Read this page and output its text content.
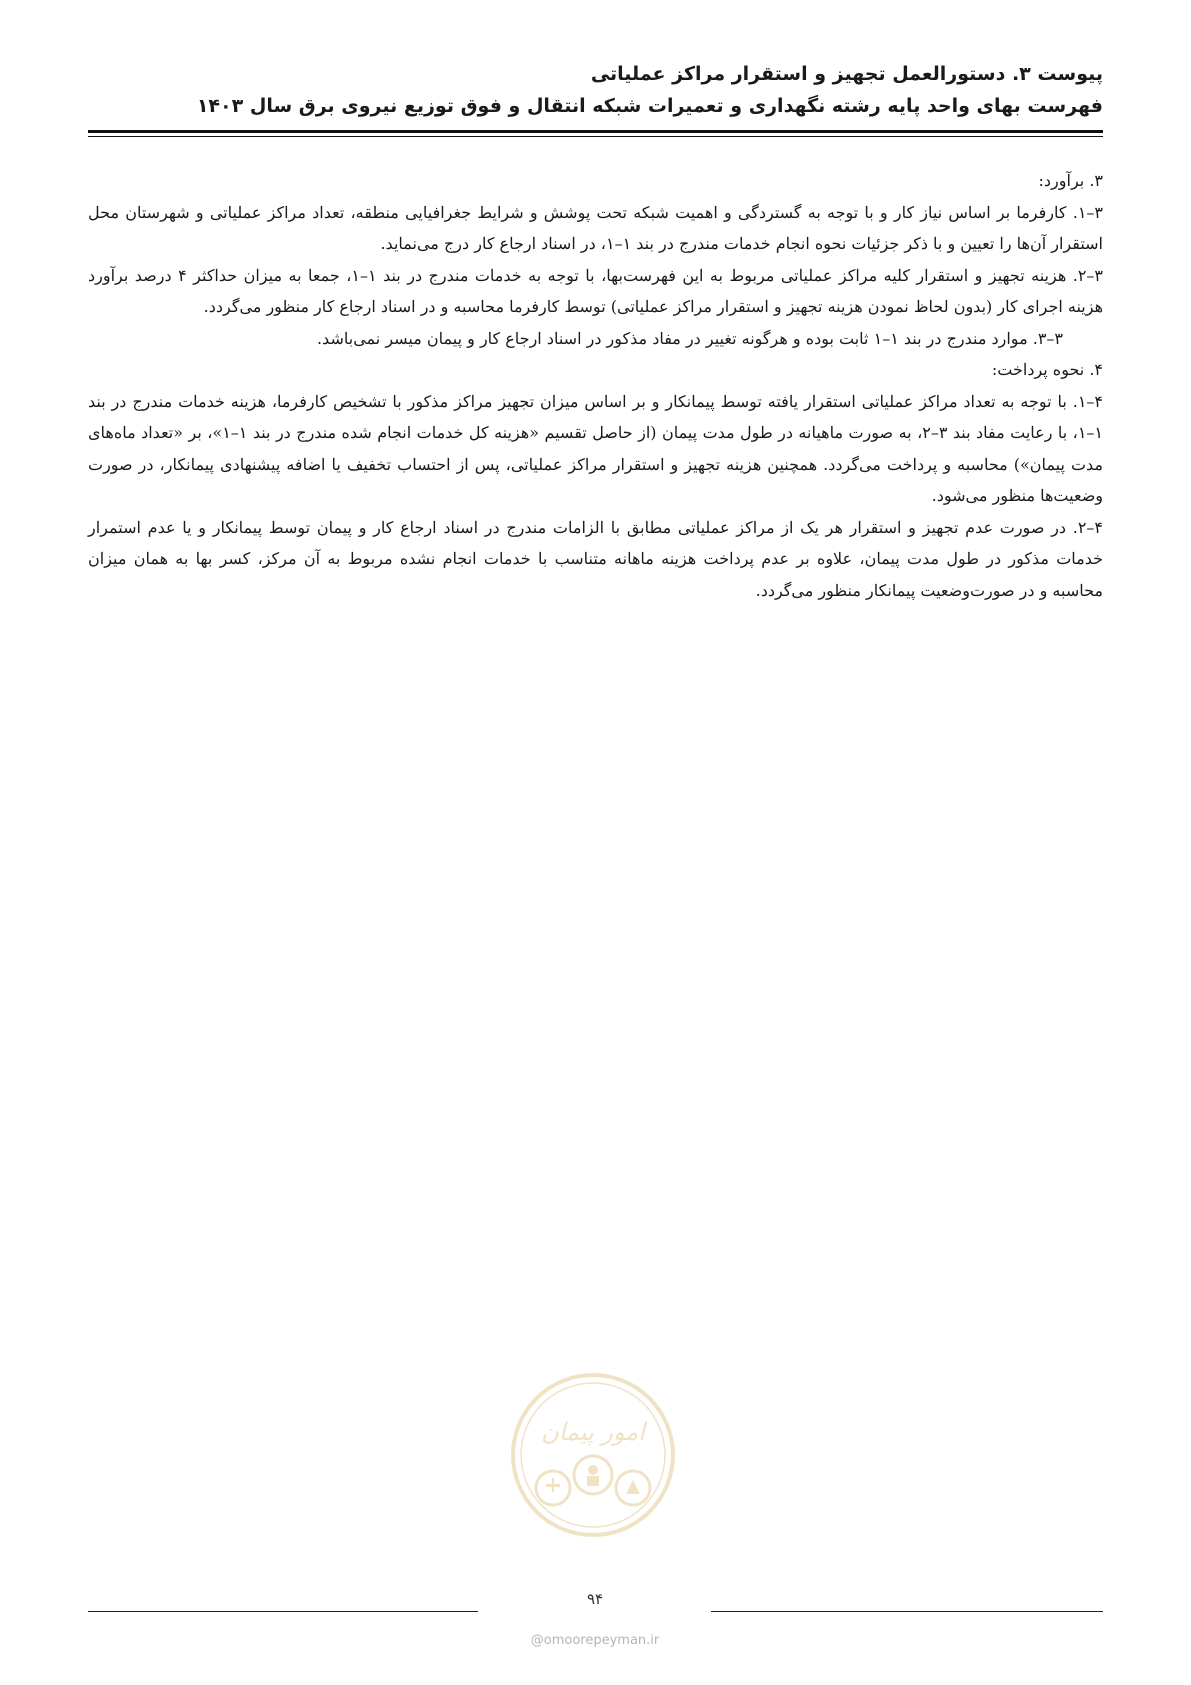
پیوست ۳. دستورالعمل تجهیز و استقرار مراکز عملیاتی
فهرست بهای واحد پایه رشته نگهداری و تعمیرات شبکه انتقال و فوق توزیع نیروی برق سال ۱۴۰۳

۳. برآورد:

۳–۱. کارفرما بر اساس نیاز کار و با توجه به گستردگی و اهمیت شبکه تحت پوشش و شرایط جغرافیایی منطقه، تعداد مراکز عملیاتی و شهرستان محل استقرار آن‌ها را تعیین و با ذکر جزئیات نحوه انجام خدمات مندرج در بند ۱–۱، در اسناد ارجاع کار درج می‌نماید.

۳–۲. هزینه تجهیز و استقرار کلیه مراکز عملیاتی مربوط به این فهرست‌بها، با توجه به خدمات مندرج در بند ۱–۱، جمعا به میزان حداکثر ۴ درصد برآورد هزینه اجرای کار (بدون لحاظ نمودن هزینه تجهیز و استقرار مراکز عملیاتی) توسط کارفرما محاسبه و در اسناد ارجاع کار منظور می‌گردد.

۳–۳. موارد مندرج در بند ۱–۱ ثابت بوده و هرگونه تغییر در مفاد مذکور در اسناد ارجاع کار و پیمان میسر نمی‌باشد.

۴. نحوه پرداخت:

۴–۱. با توجه به تعداد مراکز عملیاتی استقرار یافته توسط پیمانکار و بر اساس میزان تجهیز مراکز مذکور با تشخیص کارفرما، هزینه خدمات مندرج در بند ۱–۱، با رعایت مفاد بند ۳–۲، به صورت ماهیانه در طول مدت پیمان (از حاصل تقسیم «هزینه کل خدمات انجام شده مندرج در بند ۱–۱»، بر «تعداد ماه‌های مدت پیمان») محاسبه و پرداخت می‌گردد. همچنین هزینه تجهیز و استقرار مراکز عملیاتی، پس از احتساب تخفیف یا اضافه پیشنهادی پیمانکار، در صورت وضعیت‌ها منظور می‌شود.

۴–۲. در صورت عدم تجهیز و استقرار هر یک از مراکز عملیاتی مطابق با الزامات مندرج در اسناد ارجاع کار و پیمان توسط پیمانکار و یا عدم استمرار خدمات مذکور در طول مدت پیمان، علاوه بر عدم پرداخت هزینه ماهانه متناسب با خدمات انجام نشده مربوط به آن مرکز، کسر بها به همان میزان محاسبه و در صورت‌وضعیت پیمانکار منظور می‌گردد.

امور پیمان
۹۴
@omoorepeyman.ir
